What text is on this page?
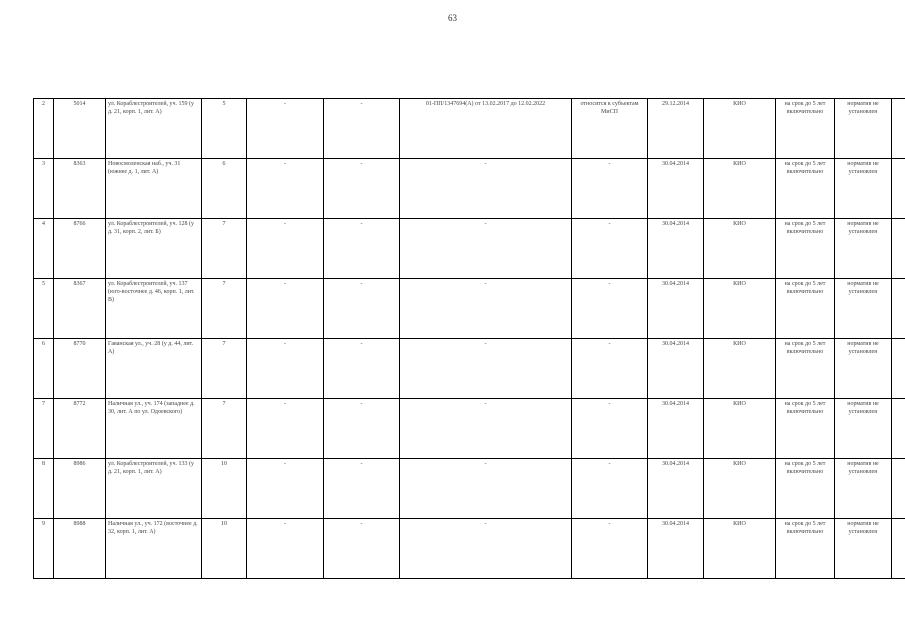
63
2	5014	ул. Кораблестроителей, уч. 159 (у д. 21, корп. 1, лит. А)	5	-	-	01-ПП/1347694(А) от 13.02.2017 до 12.02.2022	относится к субъектам МиСП	29.12.2014	КИО	на срок до 5 лет включительно	норматив не установлен	
3	8363	Новосмоленская наб., уч. 31 (южнее д. 1, лит. А)	6	-	-	-	-	30.04.2014	КИО	на срок до 5 лет включительно	норматив не установлен	
4	8766	ул. Кораблестроителей, уч. 128 (у д. 31, корп. 2, лит. Б)	7	-	-	-	-	30.04.2014	КИО	на срок до 5 лет включительно	норматив не установлен	
5	8367	ул. Кораблестроителей, уч. 137 (юго-восточнее д. 46, корп. 1, лит. В)	7	-	-	-	-	30.04.2014	КИО	на срок до 5 лет включительно	норматив не установлен	
6	8770	Гаванская ул., уч. 28 (у д. 44, лит. А)	7	-	-	-	-	30.04.2014	КИО	на срок до 5 лет включительно	норматив не установлен	
7	8772	Наличная ул., уч. 174 (западнее д. 30, лит. А по ул. Одоевского)	7	-	-	-	-	30.04.2014	КИО	на срок до 5 лет включительно	норматив не установлен	
8	8986	ул. Кораблестроителей, уч. 133 (у д. 21, корп. 1, лит. А)	10	-	-	-	-	30.04.2014	КИО	на срок до 5 лет включительно	норматив не установлен	
9	8988	Наличная ул., уч. 172 (восточнее д. 32, корп. 1, лит. А)	10	-	-	-	-	30.04.2014	КИО	на срок до 5 лет включительно	норматив не установлен	
